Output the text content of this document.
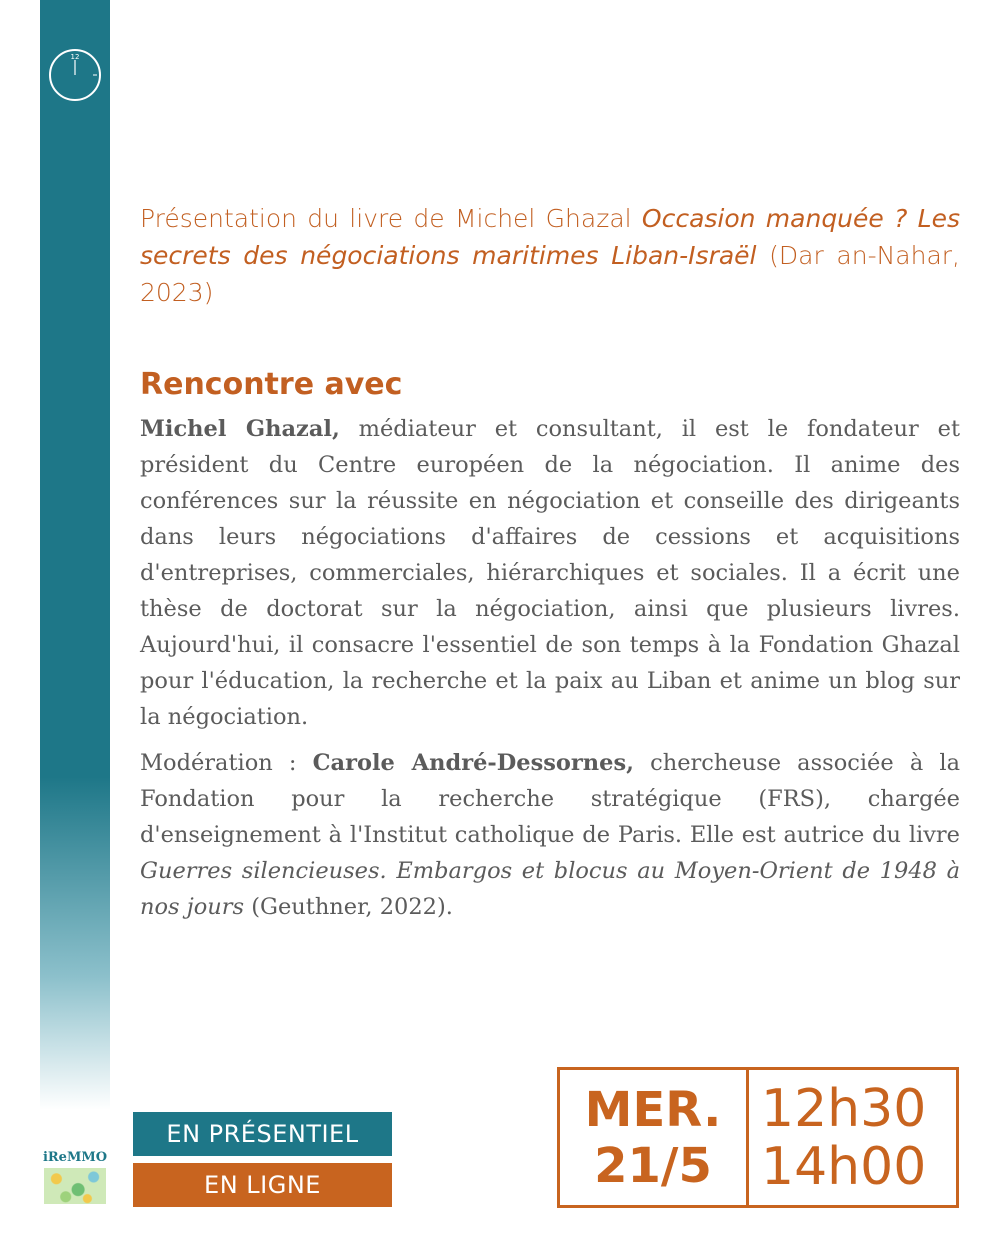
12
MIDI DE L'IREMMO
iReMMO

Présentation du livre de Michel Ghazal Occasion manquée ? Les secrets des négociations maritimes Liban-Israël (Dar an-Nahar, 2023)

Rencontre avec

Michel Ghazal, médiateur et consultant, il est le fondateur et président du Centre européen de la négociation. Il anime des conférences sur la réussite en négociation et conseille des dirigeants dans leurs négociations d'affaires de cessions et acquisitions d'entreprises, commerciales, hiérarchiques et sociales. Il a écrit une thèse de doctorat sur la négociation, ainsi que plusieurs livres. Aujourd'hui, il consacre l'essentiel de son temps à la Fondation Ghazal pour l'éducation, la recherche et la paix au Liban et anime un blog sur la négociation.

Modération : Carole André-Dessornes, chercheuse associée à la Fondation pour la recherche stratégique (FRS), chargée d'enseignement à l'Institut catholique de Paris. Elle est autrice du livre Guerres silencieuses. Embargos et blocus au Moyen-Orient de 1948 à nos jours (Geuthner, 2022).

EN PRÉSENTIEL
EN LIGNE
MER.
21/5
12h30
14h00
